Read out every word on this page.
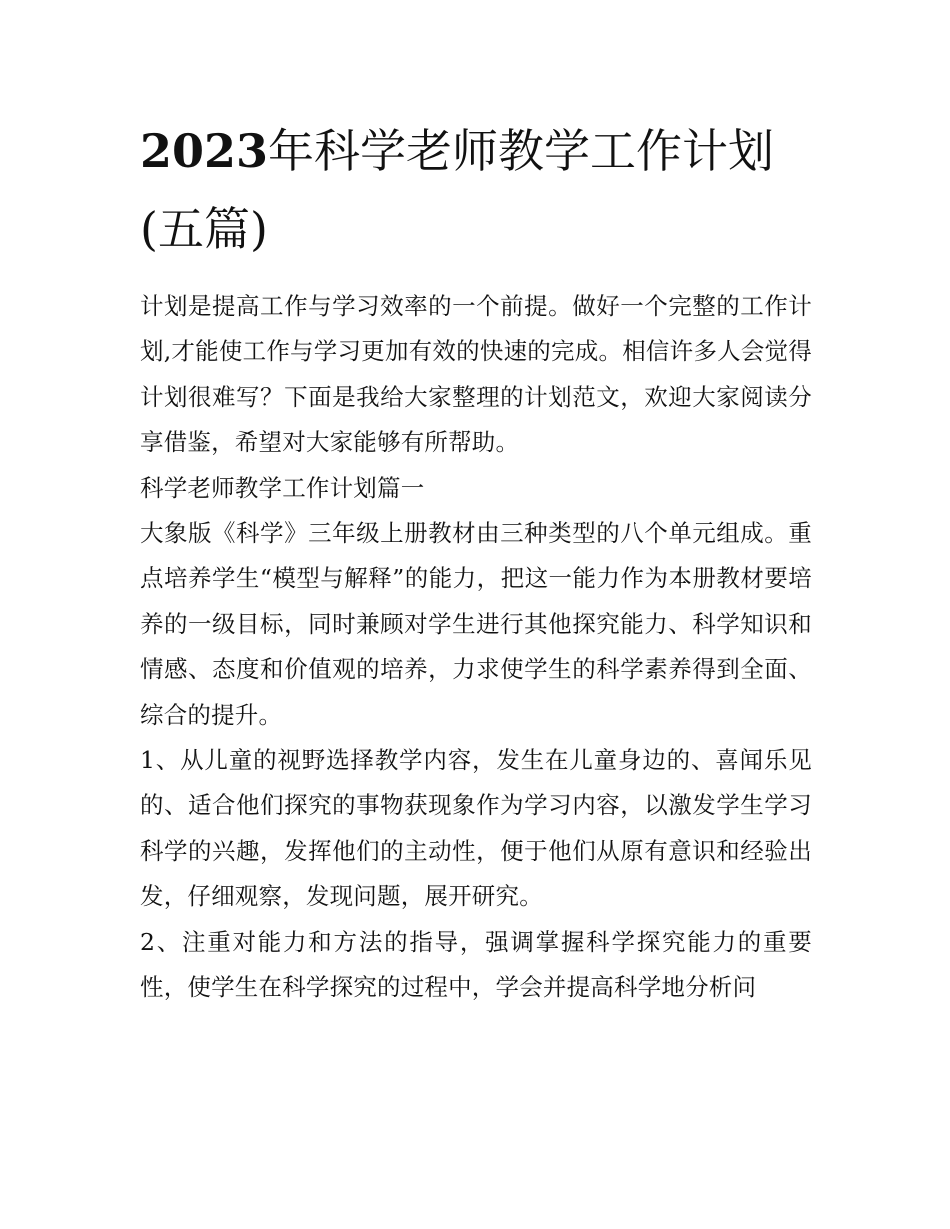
2023年科学老师教学工作计划(五篇)

计划是提高工作与学习效率的一个前提。做好一个完整的工作计划,才能使工作与学习更加有效的快速的完成。相信许多人会觉得计划很难写？下面是我给大家整理的计划范文，欢迎大家阅读分享借鉴，希望对大家能够有所帮助。

科学老师教学工作计划篇一

大象版《科学》三年级上册教材由三种类型的八个单元组成。重点培养学生“模型与解释”的能力，把这一能力作为本册教材要培养的一级目标，同时兼顾对学生进行其他探究能力、科学知识和情感、态度和价值观的培养，力求使学生的科学素养得到全面、综合的提升。

1、从儿童的视野选择教学内容，发生在儿童身边的、喜闻乐见的、适合他们探究的事物获现象作为学习内容，以激发学生学习科学的兴趣，发挥他们的主动性，便于他们从原有意识和经验出发，仔细观察，发现问题，展开研究。

2、注重对能力和方法的指导，强调掌握科学探究能力的重要性，使学生在科学探究的过程中，学会并提高科学地分析问
